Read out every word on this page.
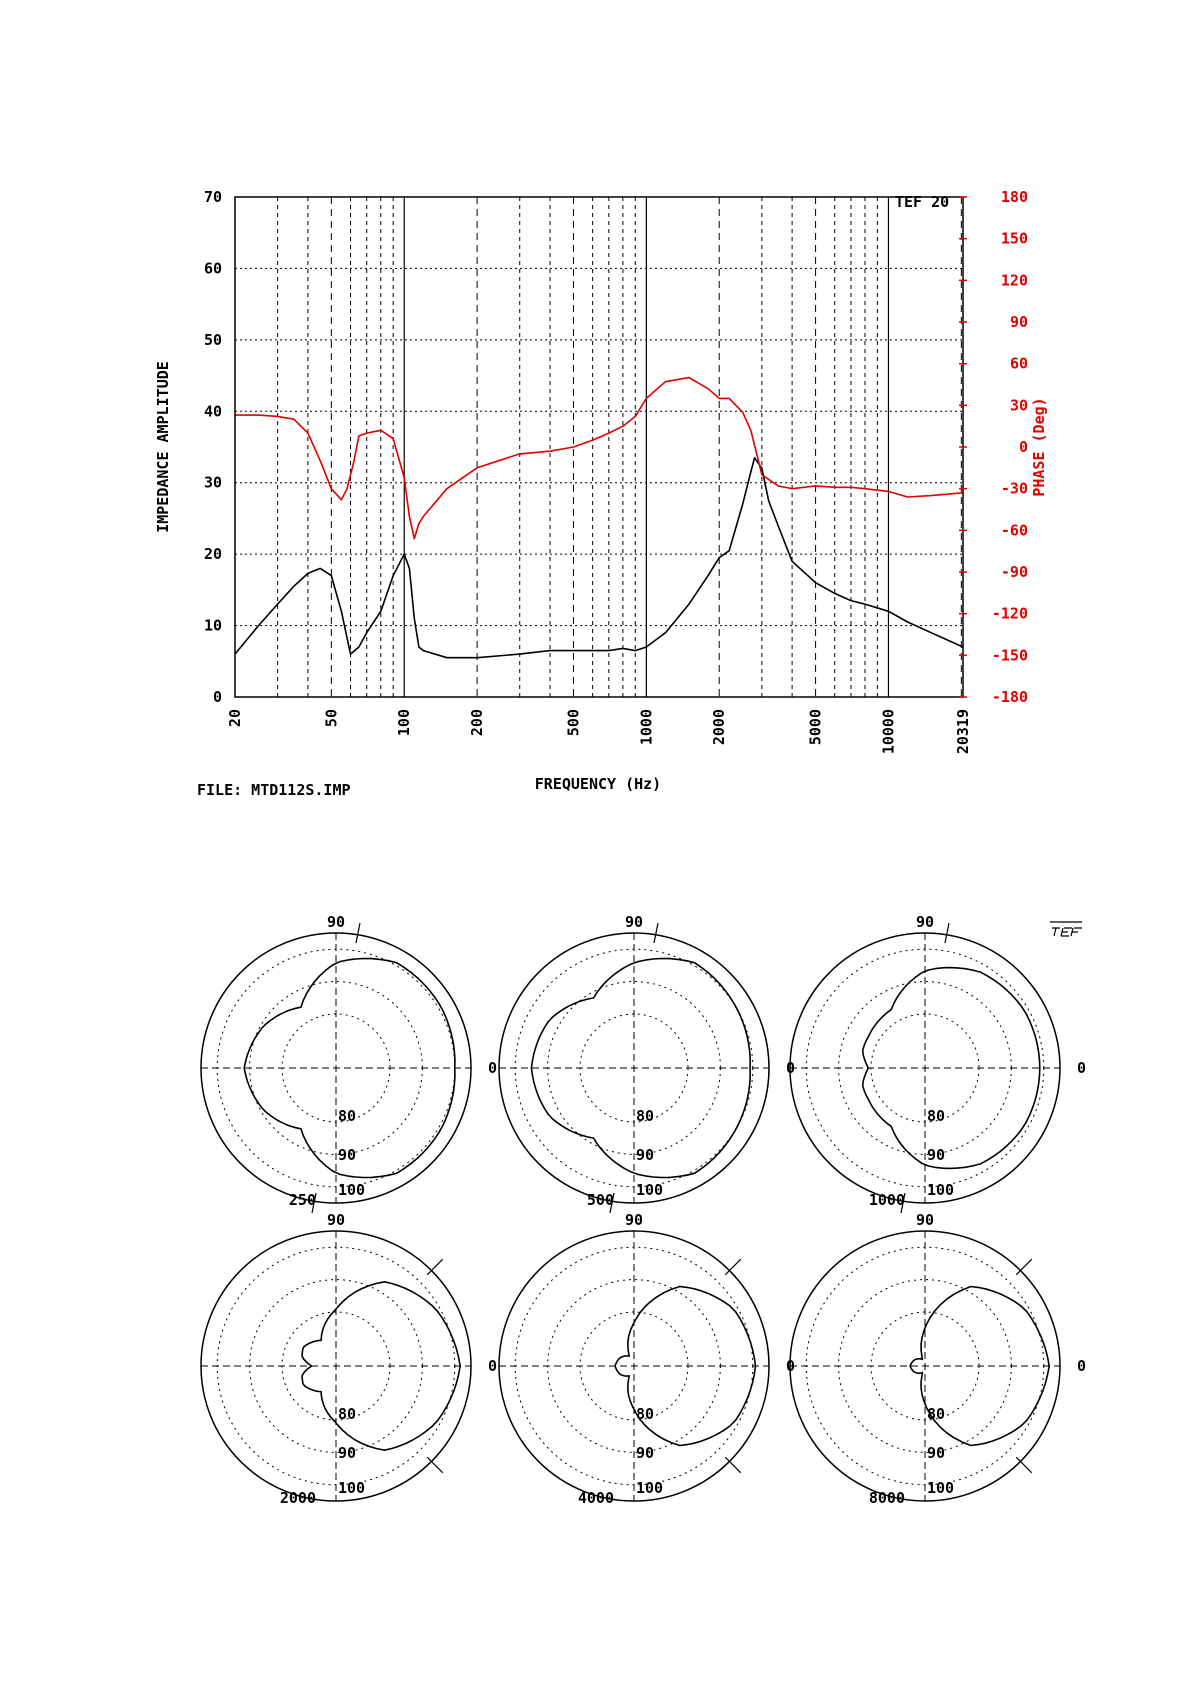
20	50	100	200	500	1000	2000	5000	10000	20319
0
10
20
30
40
50
60
70
-180
-150
-120
-90
-60
-30
0
30
60
90
120
150
180
TEF 20
FREQUENCY (Hz)
IMPEDANCE AMPLITUDE	PHASE (Deg)
FILE: MTD112S.IMP
90
0
80
90
100
250
90
0
80
90
100
500
90
0
80
90
100
1000
90
0
80
90
100
2000
90
0
80
90
100
4000
90
0
80
90
100
8000
